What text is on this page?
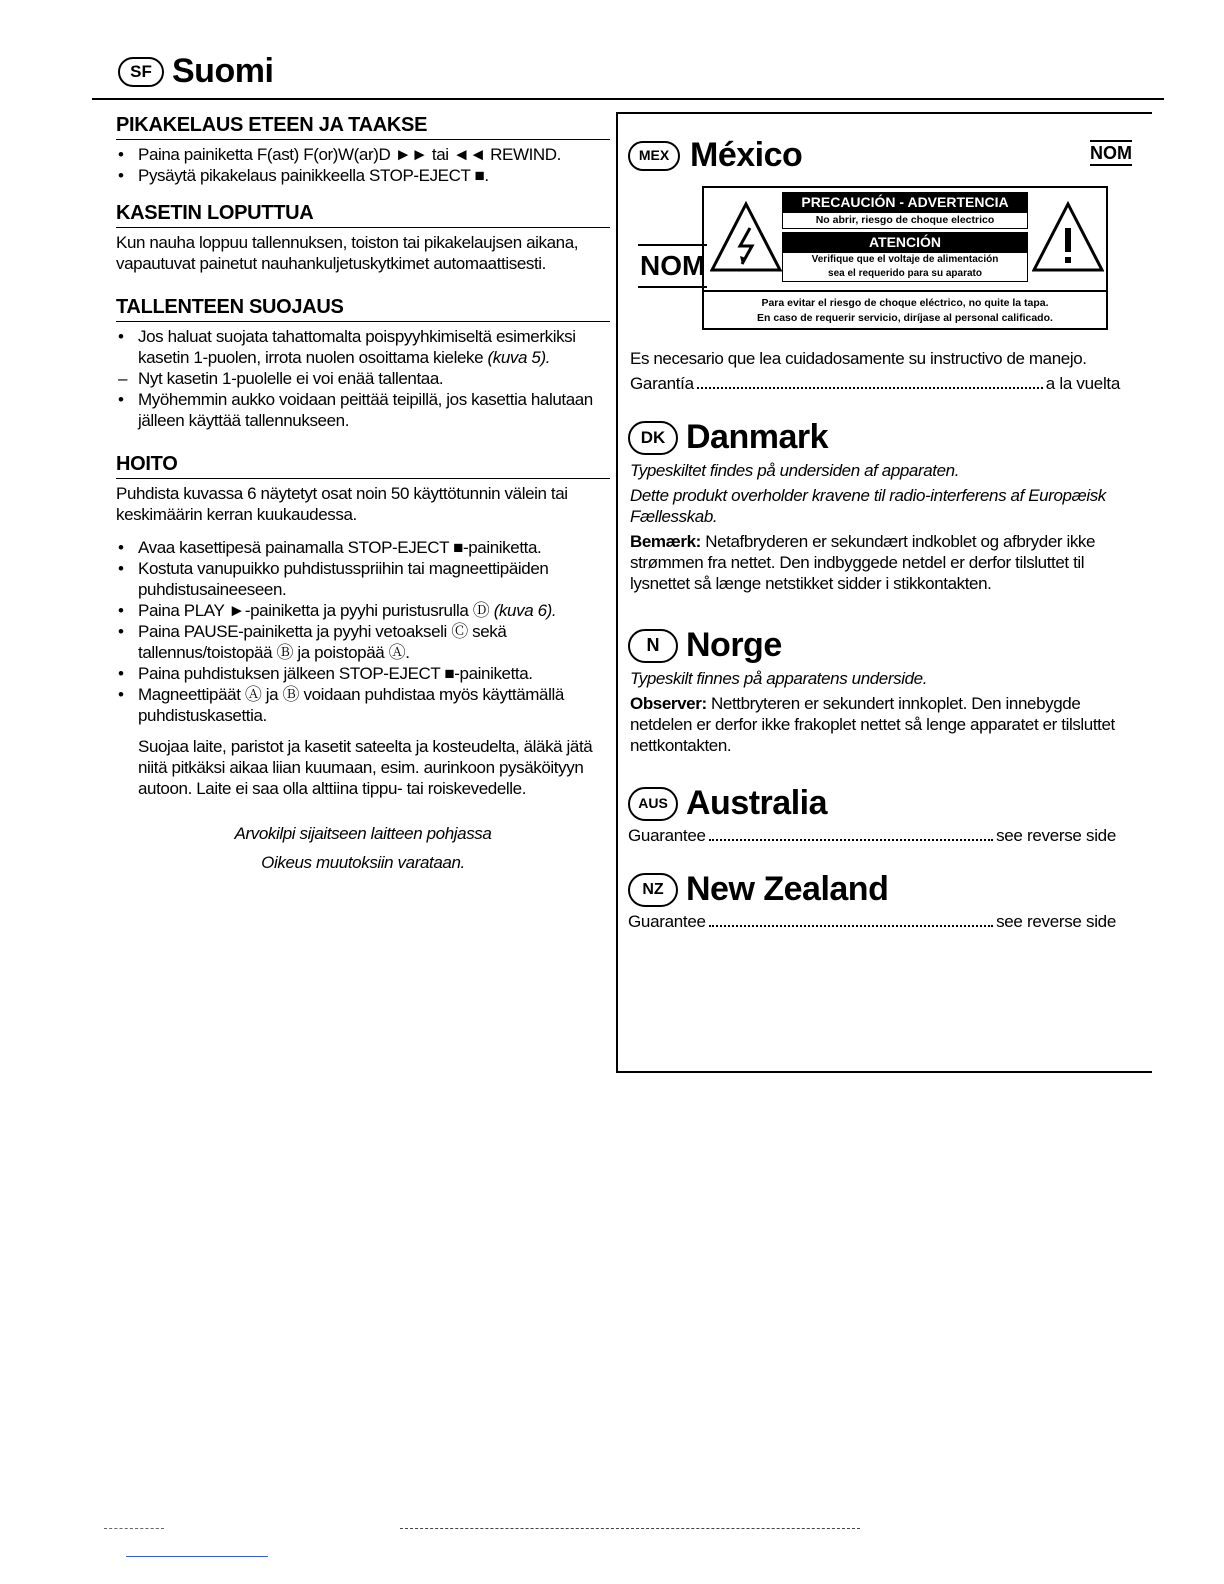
SF Suomi
PIKAKELAUS ETEEN JA TAAKSE
• Paina painiketta F(ast) F(or)W(ar)D ►► tai ◄◄ REWIND.
• Pysäytä pikakelaus painikkeella STOP-EJECT ■.
KASETIN LOPUTTUA

Kun nauha loppuu tallennuksen, toiston tai pikakelaujsen aikana, vapautuvat painetut nauhankuljetuskytkimet automaattisesti.

TALLENTEEN SUOJAUS
• Jos haluat suojata tahattomalta poispyyhkimiseltä esimerkiksi kasetin 1-puolen, irrota nuolen osoittama kieleke (kuva 5).
– Nyt kasetin 1-puolelle ei voi enää tallentaa.
• Myöhemmin aukko voidaan peittää teipillä, jos kasettia halutaan jälleen käyttää tallennukseen.
HOITO

Puhdista kuvassa 6 näytetyt osat noin 50 käyttötunnin välein tai keskimäärin kerran kuukaudessa.

• Avaa kasettipesä painamalla STOP-EJECT ■-painiketta.
• Kostuta vanupuikko puhdistusspriihin tai magneettipäiden puhdistusaineeseen.
• Paina PLAY ►-painiketta ja pyyhi puristusrulla Ⓓ (kuva 6).
• Paina PAUSE-painiketta ja pyyhi vetoakseli Ⓒ sekä tallennus/toistopää Ⓑ ja poistopää Ⓐ.
• Paina puhdistuksen jälkeen STOP-EJECT ■-painiketta.
• Magneettipäät Ⓐ ja Ⓑ voidaan puhdistaa myös käyttämällä puhdistuskasettia.

Suojaa laite, paristot ja kasetit sateelta ja kosteudelta, äläkä jätä niitä pitkäksi aikaa liian kuumaan, esim. aurinkoon pysäköityyn autoon. Laite ei saa olla alttiina tippu- tai roiskevedelle.

Arvokilpi sijaitseen laitteen pohjassa

Oikeus muutoksiin varataan.

MEX México	NOM
NOM
PRECAUCIÓN - ADVERTENCIA
No abrir, riesgo de choque electrico
ATENCIÓN
Verifique que el voltaje de alimentación
sea el requerido para su aparato
Para evitar el riesgo de choque eléctrico, no quite la tapa.
En caso de requerir servicio, diríjase al personal calificado.

Es necesario que lea cuidadosamente su instructivo de manejo.

Garantía	a la vuelta
DK Danmark

Typeskiltet findes på undersiden af apparaten.

Dette produkt overholder kravene til radio-interferens af Europæisk Fællesskab.

Bemærk: Netafbryderen er sekundært indkoblet og afbryder ikke strømmen fra nettet. Den indbyggede netdel er derfor tilsluttet til lysnettet så længe netstikket sidder i stikkontakten.

N Norge

Typeskilt finnes på apparatens underside.

Observer: Nettbryteren er sekundert innkoplet. Den innebygde netdelen er derfor ikke frakoplet nettet så lenge apparatet er tilsluttet nettkontakten.

AUS Australia
Guarantee	see reverse side
NZ New Zealand
Guarantee	see reverse side
